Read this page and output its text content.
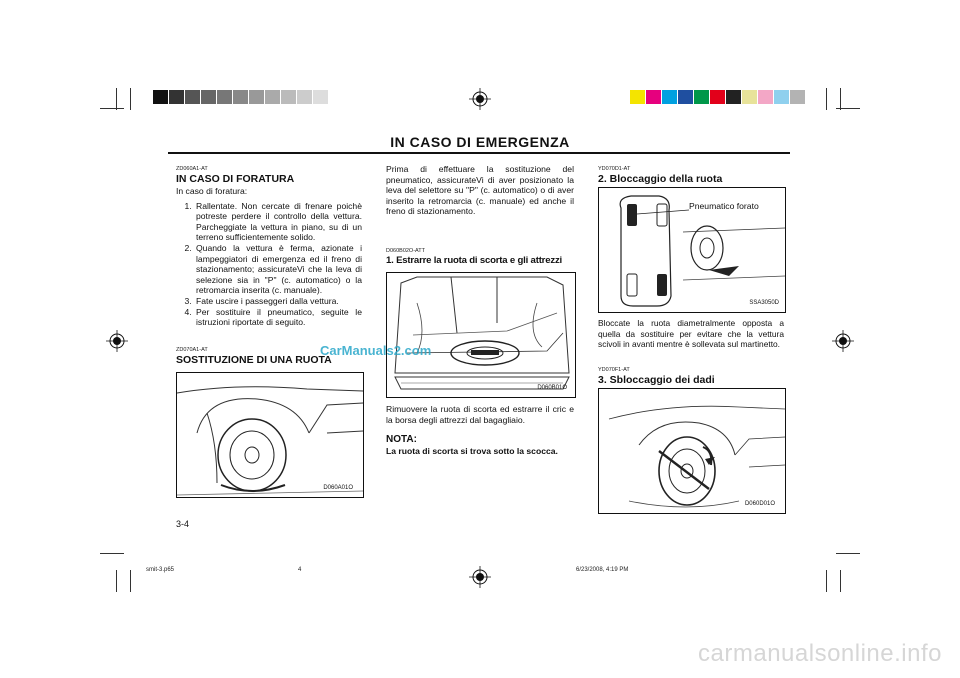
IN CASO DI EMERGENZA
ZD060A1-AT
IN CASO DI FORATURA
In caso di foratura:
1. Rallentate. Non cercate di frenare poichè potreste perdere il controllo della vettura. Parcheggiate la vettura in piano, su di un terreno sufficientemente solido.
2. Quando la vettura è ferma, azionate i lampeggiatori di emergenza ed il freno di stazionamento; assicurateVi che la leva di selezione sia in "P" (c. automatico) o la retromarcia inserita (c. manuale).
3. Fate uscire i passeggeri dalla vettura.
4. Per sostituire il pneumatico, seguite le istruzioni riportate di seguito.
ZD070A1-AT
SOSTITUZIONE DI UNA RUOTA
D060A01O
3-4
Prima di effettuare la sostituzione del pneumatico, assicurateVi di aver posizionato la leva del selettore su "P" (c. automatico) o di aver inserito la retromarcia (c. manuale) ed anche il freno di stazionamento.
D060B02O-ATT
1. Estrarre la ruota di scorta e gli attrezzi
D060B01O
Rimuovere la ruota di scorta ed estrarre il cric e la borsa degli attrezzi dal bagagliaio.
NOTA:
La ruota di scorta si trova sotto la scocca.
YD070D1-AT
2. Bloccaggio della ruota
Pneumatico forato
SSA3050D
Bloccate la ruota diametralmente opposta a quella da sostituire per evitare che la vettura scivoli in avanti mentre è sollevata sul martinetto.
YD070F1-AT
3. Sbloccaggio dei dadi
D060D01O
CarManuals2.com
smit-3.p65	4	6/23/2008, 4:19 PM
carmanualsonline.info
